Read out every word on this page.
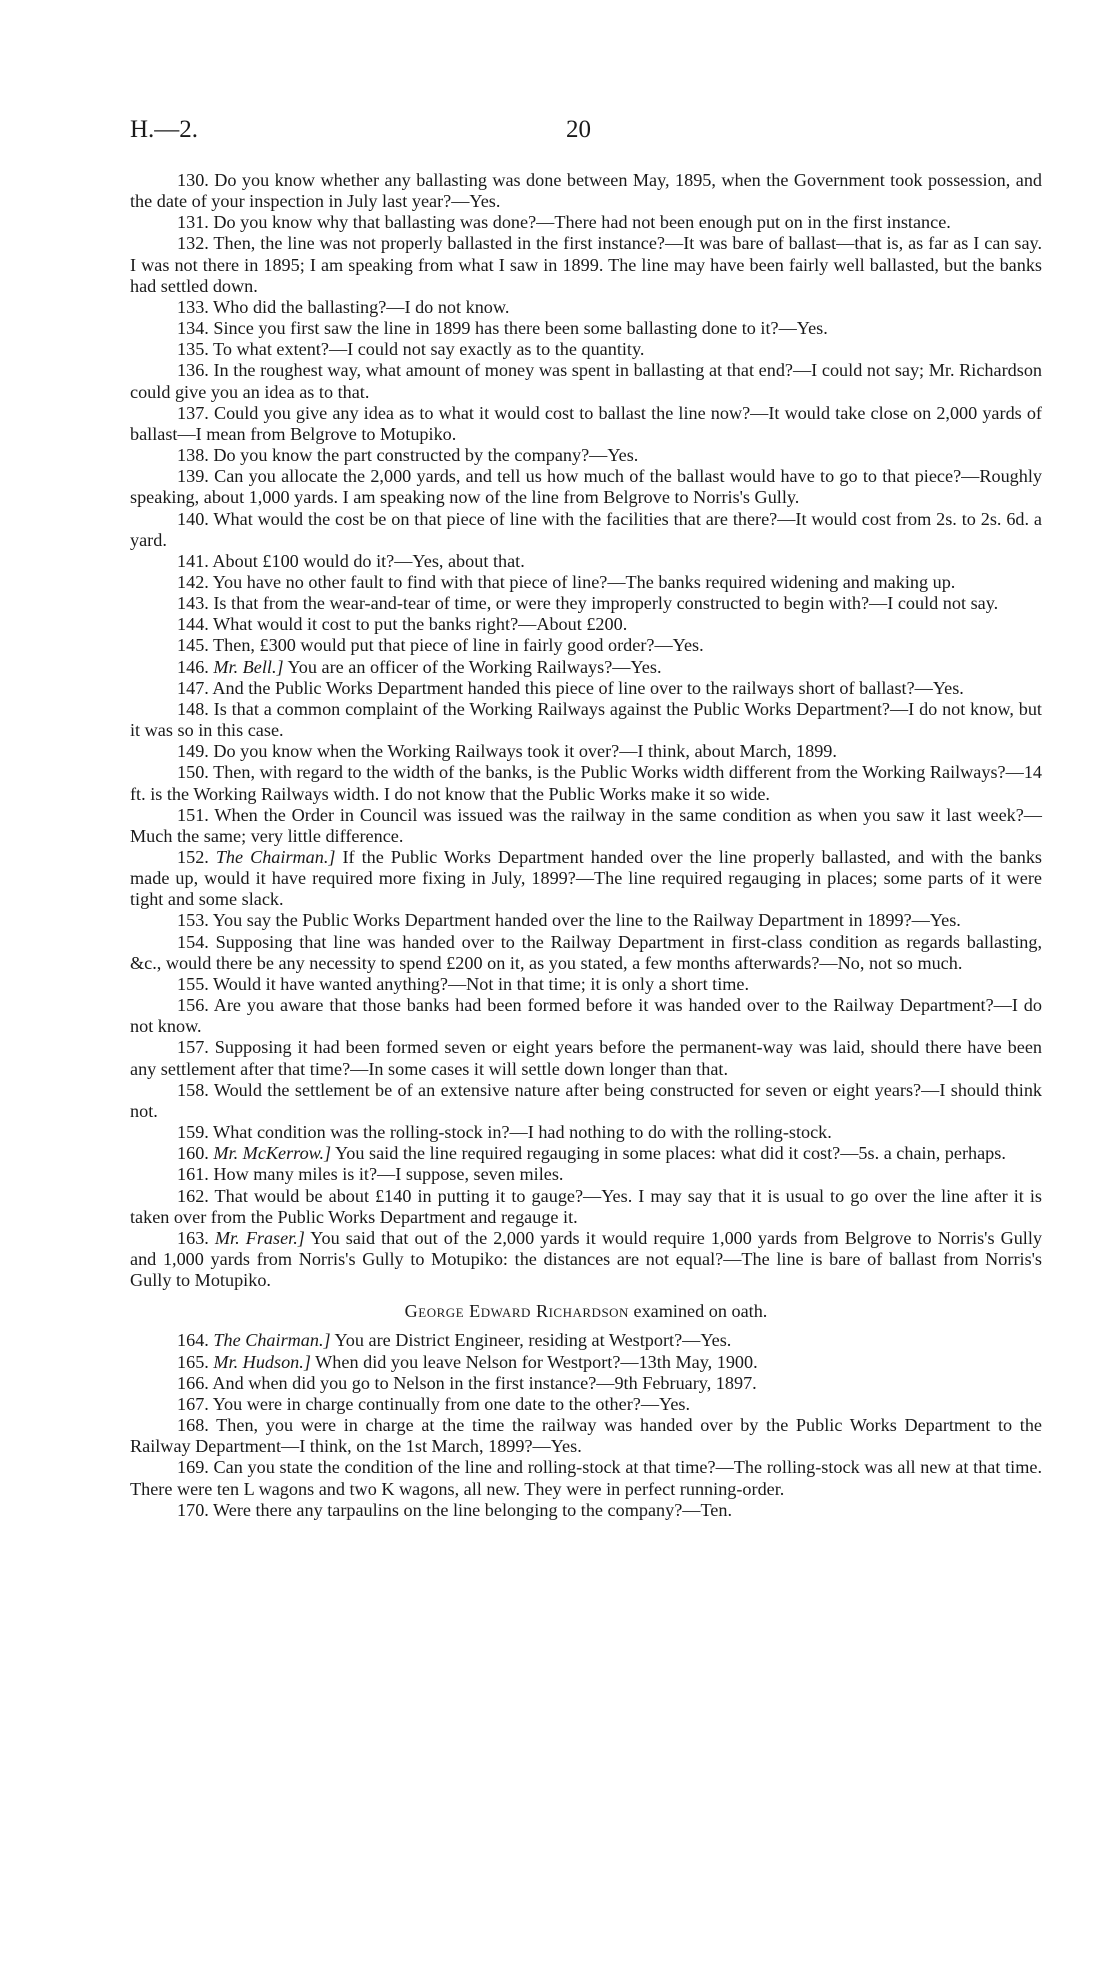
H.—2.	20

130. Do you know whether any ballasting was done between May, 1895, when the Government took possession, and the date of your inspection in July last year?—Yes.

131. Do you know why that ballasting was done?—There had not been enough put on in the first instance.

132. Then, the line was not properly ballasted in the first instance?—It was bare of ballast—that is, as far as I can say. I was not there in 1895; I am speaking from what I saw in 1899. The line may have been fairly well ballasted, but the banks had settled down.

133. Who did the ballasting?—I do not know.

134. Since you first saw the line in 1899 has there been some ballasting done to it?—Yes.

135. To what extent?—I could not say exactly as to the quantity.

136. In the roughest way, what amount of money was spent in ballasting at that end?—I could not say; Mr. Richardson could give you an idea as to that.

137. Could you give any idea as to what it would cost to ballast the line now?—It would take close on 2,000 yards of ballast—I mean from Belgrove to Motupiko.

138. Do you know the part constructed by the company?—Yes.

139. Can you allocate the 2,000 yards, and tell us how much of the ballast would have to go to that piece?—Roughly speaking, about 1,000 yards. I am speaking now of the line from Belgrove to Norris's Gully.

140. What would the cost be on that piece of line with the facilities that are there?—It would cost from 2s. to 2s. 6d. a yard.

141. About £100 would do it?—Yes, about that.

142. You have no other fault to find with that piece of line?—The banks required widening and making up.

143. Is that from the wear-and-tear of time, or were they improperly constructed to begin with?—I could not say.

144. What would it cost to put the banks right?—About £200.

145. Then, £300 would put that piece of line in fairly good order?—Yes.

146. Mr. Bell.] You are an officer of the Working Railways?—Yes.

147. And the Public Works Department handed this piece of line over to the railways short of ballast?—Yes.

148. Is that a common complaint of the Working Railways against the Public Works Department?—I do not know, but it was so in this case.

149. Do you know when the Working Railways took it over?—I think, about March, 1899.

150. Then, with regard to the width of the banks, is the Public Works width different from the Working Railways?—14 ft. is the Working Railways width. I do not know that the Public Works make it so wide.

151. When the Order in Council was issued was the railway in the same condition as when you saw it last week?—Much the same; very little difference.

152. The Chairman.] If the Public Works Department handed over the line properly ballasted, and with the banks made up, would it have required more fixing in July, 1899?—The line required regauging in places; some parts of it were tight and some slack.

153. You say the Public Works Department handed over the line to the Railway Department in 1899?—Yes.

154. Supposing that line was handed over to the Railway Department in first-class condition as regards ballasting, &c., would there be any necessity to spend £200 on it, as you stated, a few months afterwards?—No, not so much.

155. Would it have wanted anything?—Not in that time; it is only a short time.

156. Are you aware that those banks had been formed before it was handed over to the Railway Department?—I do not know.

157. Supposing it had been formed seven or eight years before the permanent-way was laid, should there have been any settlement after that time?—In some cases it will settle down longer than that.

158. Would the settlement be of an extensive nature after being constructed for seven or eight years?—I should think not.

159. What condition was the rolling-stock in?—I had nothing to do with the rolling-stock.

160. Mr. McKerrow.] You said the line required regauging in some places: what did it cost?—5s. a chain, perhaps.

161. How many miles is it?—I suppose, seven miles.

162. That would be about £140 in putting it to gauge?—Yes. I may say that it is usual to go over the line after it is taken over from the Public Works Department and regauge it.

163. Mr. Fraser.] You said that out of the 2,000 yards it would require 1,000 yards from Belgrove to Norris's Gully and 1,000 yards from Norris's Gully to Motupiko: the distances are not equal?—The line is bare of ballast from Norris's Gully to Motupiko.

George Edward Richardson examined on oath.

164. The Chairman.] You are District Engineer, residing at Westport?—Yes.

165. Mr. Hudson.] When did you leave Nelson for Westport?—13th May, 1900.

166. And when did you go to Nelson in the first instance?—9th February, 1897.

167. You were in charge continually from one date to the other?—Yes.

168. Then, you were in charge at the time the railway was handed over by the Public Works Department to the Railway Department—I think, on the 1st March, 1899?—Yes.

169. Can you state the condition of the line and rolling-stock at that time?—The rolling-stock was all new at that time. There were ten L wagons and two K wagons, all new. They were in perfect running-order.

170. Were there any tarpaulins on the line belonging to the company?—Ten.
